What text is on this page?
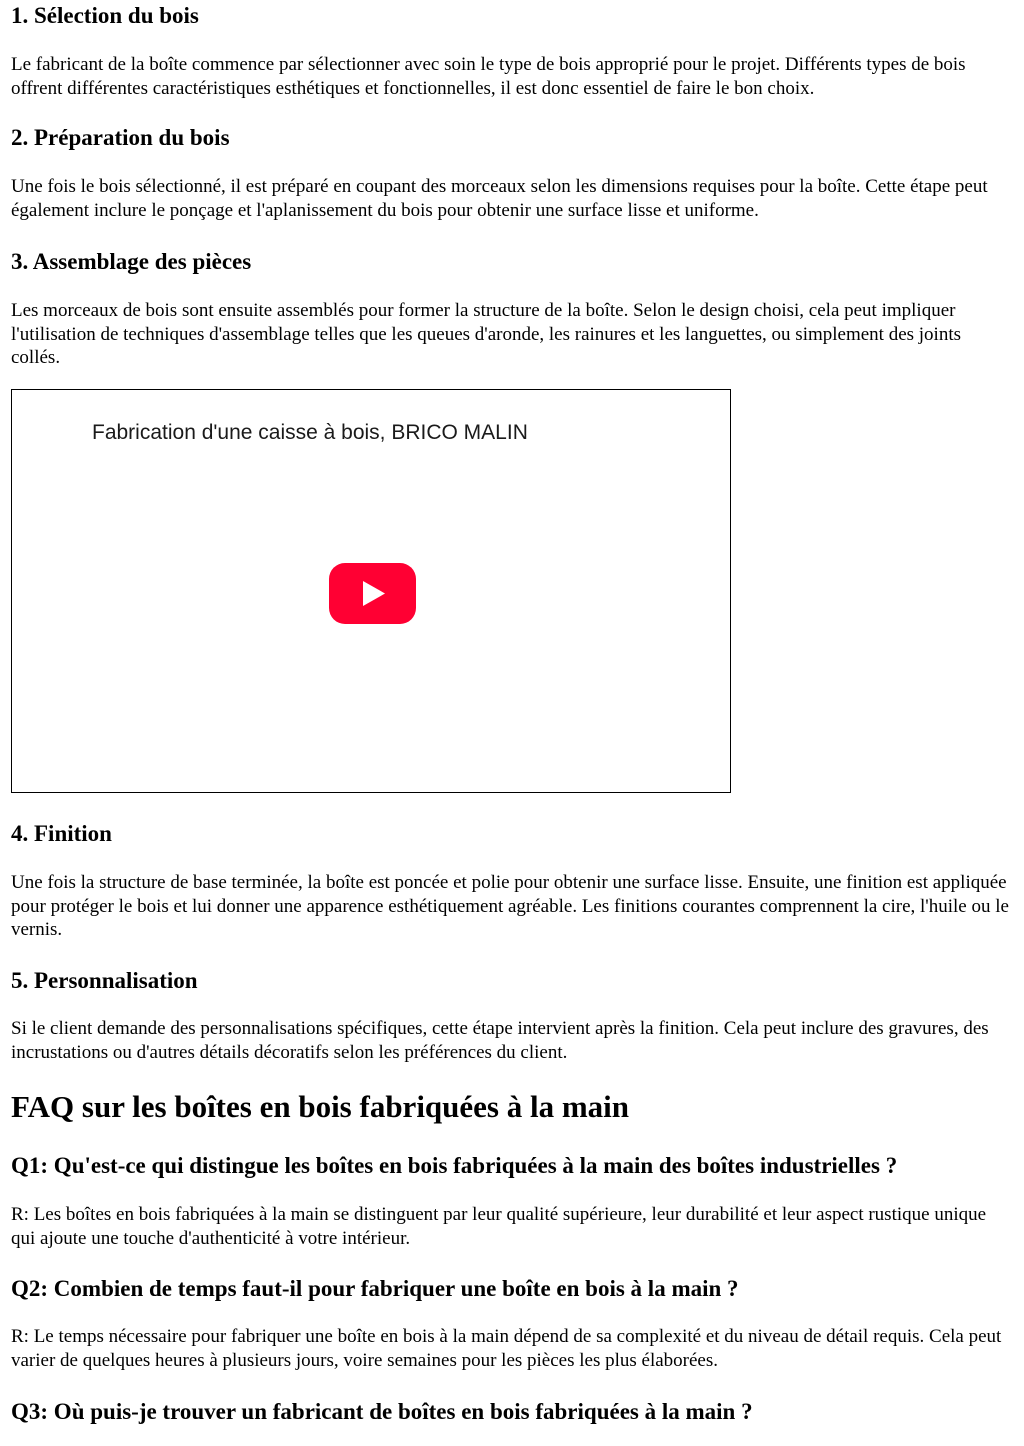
1. Sélection du bois

Le fabricant de la boîte commence par sélectionner avec soin le type de bois approprié pour le projet. Différents types de bois offrent différentes caractéristiques esthétiques et fonctionnelles, il est donc essentiel de faire le bon choix.

2. Préparation du bois

Une fois le bois sélectionné, il est préparé en coupant des morceaux selon les dimensions requises pour la boîte. Cette étape peut également inclure le ponçage et l'aplanissement du bois pour obtenir une surface lisse et uniforme.

3. Assemblage des pièces

Les morceaux de bois sont ensuite assemblés pour former la structure de la boîte. Selon le design choisi, cela peut impliquer l'utilisation de techniques d'assemblage telles que les queues d'aronde, les rainures et les languettes, ou simplement des joints collés.

Fabrication d'une caisse à bois, BRICO MALIN
4. Finition

Une fois la structure de base terminée, la boîte est poncée et polie pour obtenir une surface lisse. Ensuite, une finition est appliquée pour protéger le bois et lui donner une apparence esthétiquement agréable. Les finitions courantes comprennent la cire, l'huile ou le vernis.

5. Personnalisation

Si le client demande des personnalisations spécifiques, cette étape intervient après la finition. Cela peut inclure des gravures, des incrustations ou d'autres détails décoratifs selon les préférences du client.

FAQ sur les boîtes en bois fabriquées à la main
Q1: Qu'est-ce qui distingue les boîtes en bois fabriquées à la main des boîtes industrielles ?

R: Les boîtes en bois fabriquées à la main se distinguent par leur qualité supérieure, leur durabilité et leur aspect rustique unique qui ajoute une touche d'authenticité à votre intérieur.

Q2: Combien de temps faut-il pour fabriquer une boîte en bois à la main ?

R: Le temps nécessaire pour fabriquer une boîte en bois à la main dépend de sa complexité et du niveau de détail requis. Cela peut varier de quelques heures à plusieurs jours, voire semaines pour les pièces les plus élaborées.

Q3: Où puis-je trouver un fabricant de boîtes en bois fabriquées à la main ?
